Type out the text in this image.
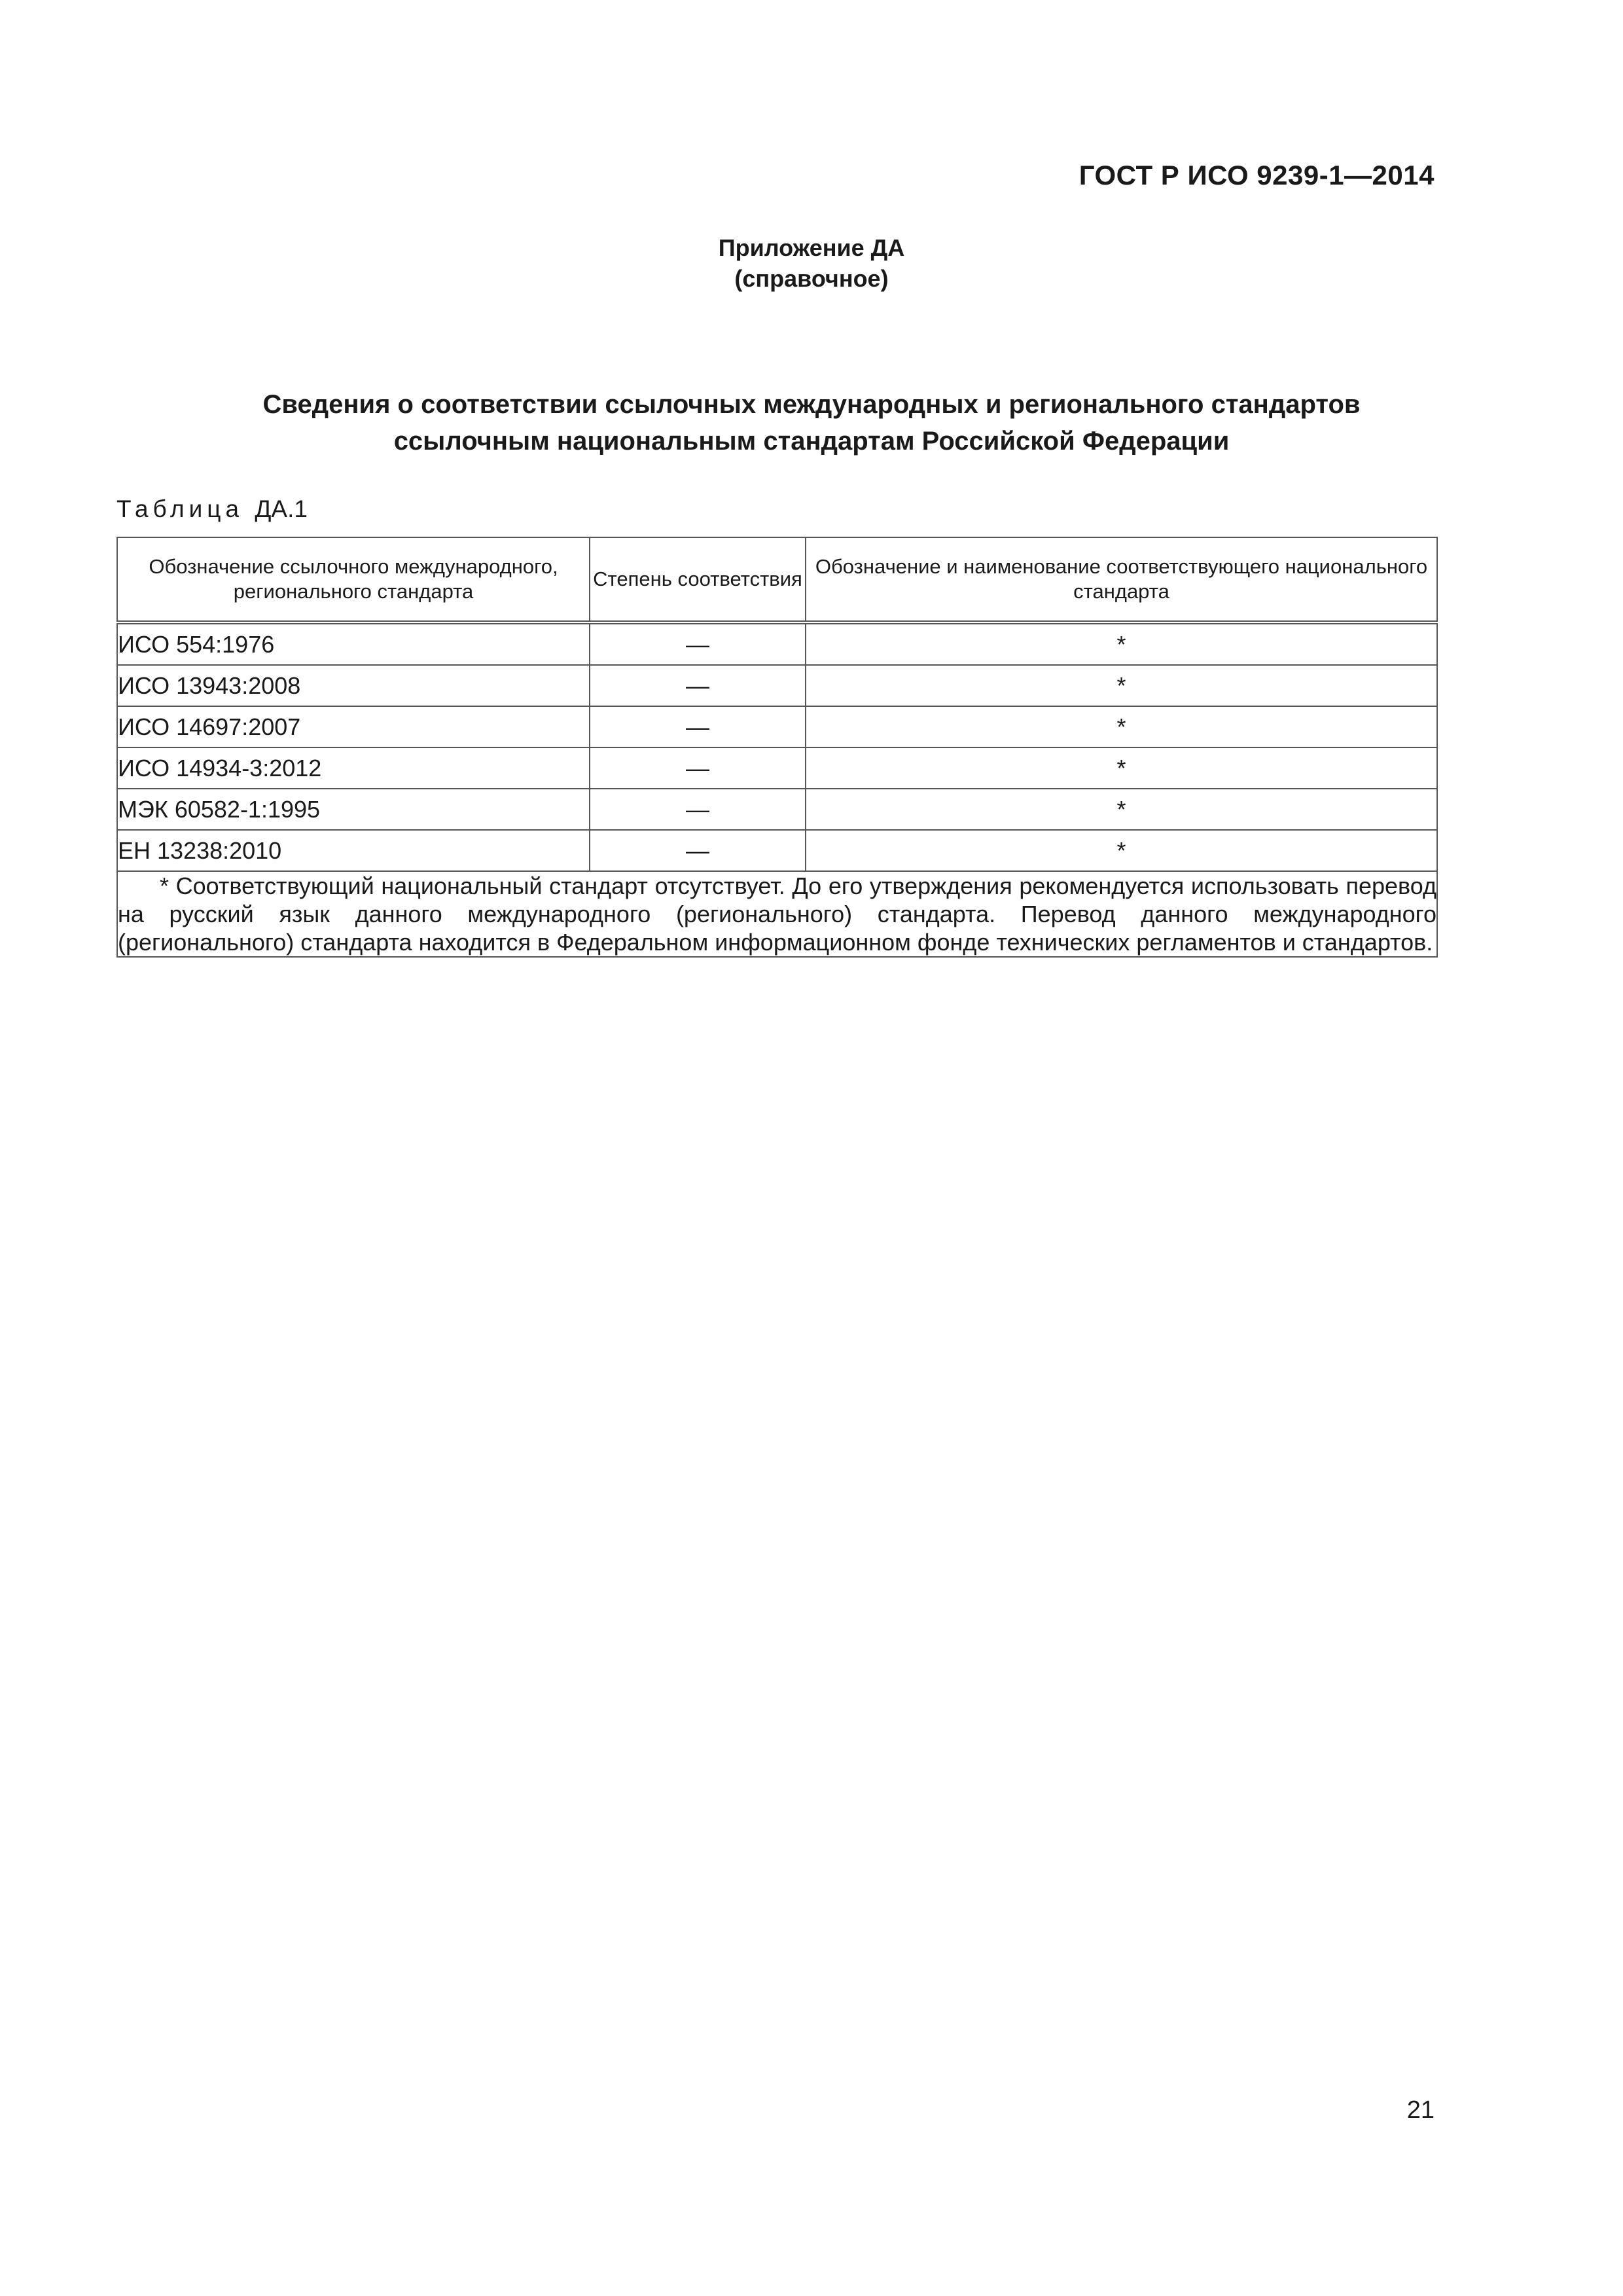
ГОСТ Р ИСО 9239-1—2014
Приложение ДА
(справочное)
Сведения о соответствии ссылочных международных и регионального стандартов
ссылочным национальным стандартам Российской Федерации
Таблица ДА.1
Обозначение ссылочного международного, регионального стандарта	Степень соответствия	Обозначение и наименование соответствующего национального стандарта
ИСО 554:1976	—	*
ИСО 13943:2008	—	*
ИСО 14697:2007	—	*
ИСО 14934-3:2012	—	*
МЭК 60582-1:1995	—	*
ЕН 13238:2010	—	*
* Соответствующий национальный стандарт отсутствует. До его утверждения рекомендуется использовать перевод на русский язык данного международного (регионального) стандарта. Перевод данного международного (регионального) стандарта находится в Федеральном информационном фонде технических регламентов и стандартов.		
21
